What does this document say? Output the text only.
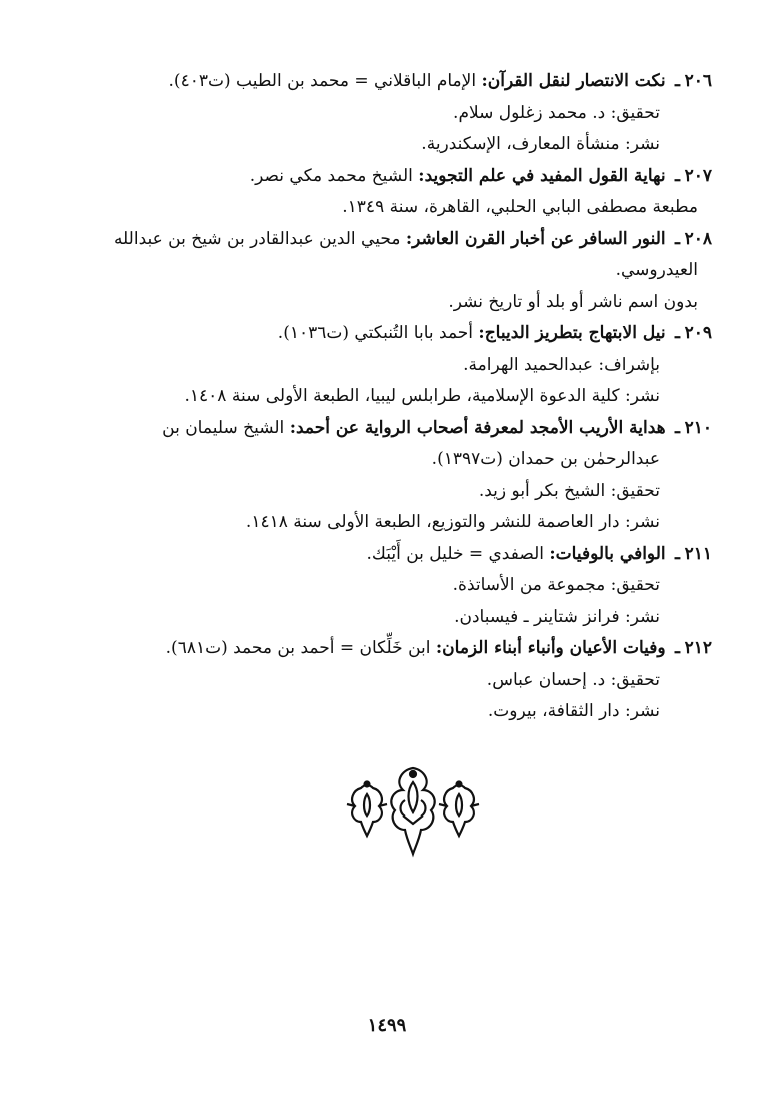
٢٠٦ـ نكت الانتصار لنقل القرآن: الإمام الباقلاني = محمد بن الطيب (ت٤٠٣).
تحقيق: د. محمد زغلول سلام.
نشر: منشأة المعارف، الإسكندرية.
٢٠٧ـ نهاية القول المفيد في علم التجويد: الشيخ محمد مكي نصر.
مطبعة مصطفى البابي الحلبي، القاهرة، سنة ١٣٤٩.
٢٠٨ـ النور السافر عن أخبار القرن العاشر: محيي الدين عبدالقادر بن شيخ بن عبدالله
العيدروسي.
بدون اسم ناشر أو بلد أو تاريخ نشر.
٢٠٩ـ نيل الابتهاج بتطريز الديباج: أحمد بابا التُنبكتي (ت١٠٣٦).
بإشراف: عبدالحميد الهرامة.
نشر: كلية الدعوة الإسلامية، طرابلس ليبيا، الطبعة الأولى سنة ١٤٠٨.
٢١٠ـ هداية الأريب الأمجد لمعرفة أصحاب الرواية عن أحمد: الشيخ سليمان بن
عبدالرحمٰن بن حمدان (ت١٣٩٧).
تحقيق: الشيخ بكر أبو زيد.
نشر: دار العاصمة للنشر والتوزيع، الطبعة الأولى سنة ١٤١٨.
٢١١ـ الوافي بالوفيات: الصفدي = خليل بن أَيْبَك.
تحقيق: مجموعة من الأساتذة.
نشر: فرانز شتاينر ـ فيسبادن.
٢١٢ـ وفيات الأعيان وأنباء أبناء الزمان: ابن خَلِّكان = أحمد بن محمد (ت٦٨١).
تحقيق: د. إحسان عباس.
نشر: دار الثقافة، بيروت.
١٤٩٩
